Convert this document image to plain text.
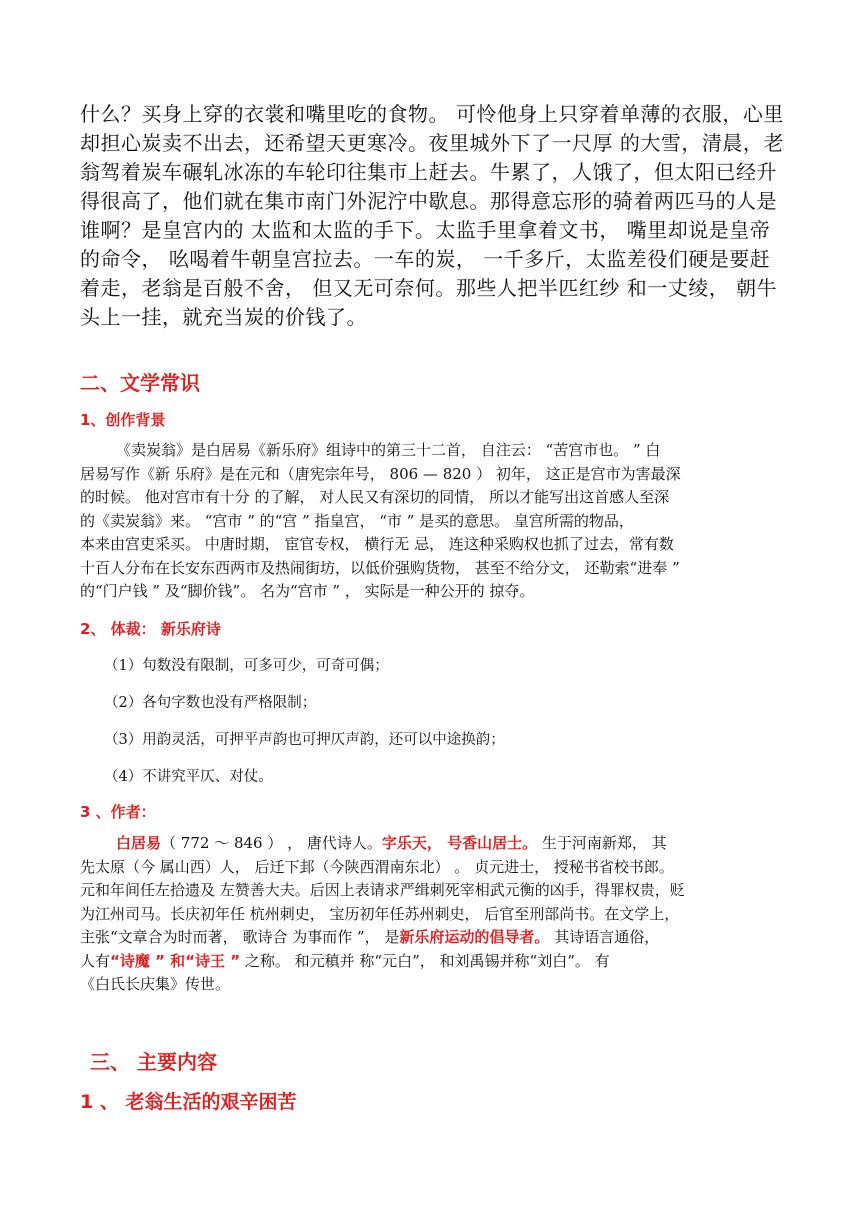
什么？买身上穿的衣裳和嘴里吃的食物。 可怜他身上只穿着单薄的衣服，心里
却担心炭卖不出去，还希望天更寒冷。夜里城外下了一尺厚 的大雪，清晨，老
翁驾着炭车碾轧冰冻的车轮印往集市上赶去。牛累了，人饿了，但太阳已经升
得很高了，他们就在集市南门外泥泞中歇息。那得意忘形的骑着两匹马的人是
谁啊？是皇宫内的 太监和太监的手下。太监手里拿着文书， 嘴里却说是皇帝
的命令， 吆喝着牛朝皇宫拉去。一车的炭， 一千多斤，太监差役们硬是要赶
着走，老翁是百般不舍， 但又无可奈何。那些人把半匹红纱 和一丈绫， 朝牛
头上一挂，就充当炭的价钱了。
二、文学常识
1、创作背景
《卖炭翁》是白居易《新乐府》组诗中的第三十二首， 自注云： “苦宫市也。 ” 白
居易写作《新 乐府》是在元和（唐宪宗年号， 806 — 820 ） 初年， 这正是宫市为害最深
的时候。 他对宫市有十分 的了解， 对人民又有深切的同情， 所以才能写出这首感人至深
的《卖炭翁》来。 “宫市 ” 的“宫 ” 指皇宫， “市 ” 是买的意思。 皇宫所需的物品，
本来由宫吏采买。 中唐时期， 宦官专权， 横行无 忌， 连这种采购权也抓了过去，常有数
十百人分布在长安东西两市及热闹街坊，以低价强购货物， 甚至不给分文， 还勒索“进奉 ”
的“门户钱 ” 及“脚价钱”。 名为“宫市 ” ， 实际是一种公开的 掠夺。
2、 体裁： 新乐府诗
（1）句数没有限制，可多可少，可奇可偶；
（2）各句字数也没有严格限制；
（3）用韵灵活，可押平声韵也可押仄声韵，还可以中途换韵；
（4）不讲究平仄、对仗。
3 、作者：
白居易（ 772 ～ 846 ） ， 唐代诗人。字乐天， 号香山居士。 生于河南新郑， 其
先太原（今 属山西）人， 后迁下邽（今陕西渭南东北） 。 贞元进士， 授秘书省校书郎。
元和年间任左拾遗及 左赞善大夫。后因上表请求严缉刺死宰相武元衡的凶手，得罪权贵，贬
为江州司马。长庆初年任 杭州刺史， 宝历初年任苏州刺史， 后官至刑部尚书。在文学上，
主张“文章合为时而著， 歌诗合 为事而作 ”， 是新乐府运动的倡导者。 其诗语言通俗，
人有“诗魔 ” 和“诗王 ” 之称。 和元稹并 称“元白”， 和刘禹锡并称“刘白”。 有
《白氏长庆集》传世。
三、 主要内容
1 、 老翁生活的艰辛困苦
